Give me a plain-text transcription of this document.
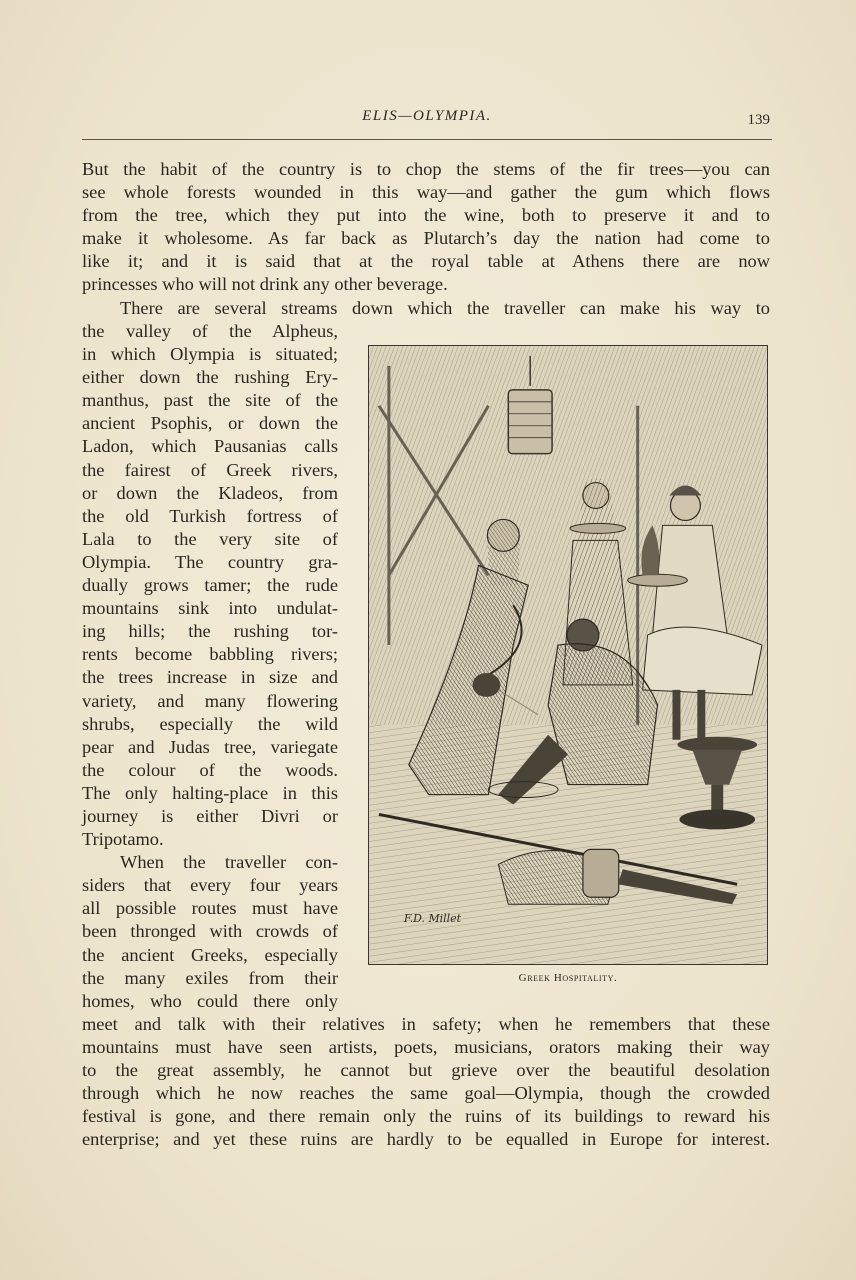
ELIS—OLYMPIA.	139

But the habit of the country is to chop the stems of the fir trees—you can
see whole forests wounded in this way—and gather the gum which flows
from the tree, which they put into the wine, both to preserve it and to
make it wholesome. As far back as Plutarch’s day the nation had come to
like it; and it is said that at the royal table at Athens there are now
princesses who will not drink any other beverage.

There are several streams down which the traveller can make his way to

the valley of the Alpheus,
in which Olympia is situated;
either down the rushing Ery-
manthus, past the site of the
ancient Psophis, or down the
Ladon, which Pausanias calls
the fairest of Greek rivers,
or down the Kladeos, from
the old Turkish fortress of
Lala to the very site of
Olympia. The country gra-
dually grows tamer; the rude
mountains sink into undulat-
ing hills; the rushing tor-
rents become babbling rivers;
the trees increase in size and
variety, and many flowering
shrubs, especially the wild
pear and Judas tree, variegate
the colour of the woods.
The only halting-place in this
journey is either Divri or
Tripotamo.

When the traveller con-
siders that every four years
all possible routes must have
been thronged with crowds of
the ancient Greeks, especially
the many exiles from their
homes, who could there only

F.D. Millet
Greek Hospitality.

meet and talk with their relatives in safety; when he remembers that these
mountains must have seen artists, poets, musicians, orators making their way
to the great assembly, he cannot but grieve over the beautiful desolation
through which he now reaches the same goal—Olympia, though the crowded
festival is gone, and there remain only the ruins of its buildings to reward his
enterprise; and yet these ruins are hardly to be equalled in Europe for interest.
